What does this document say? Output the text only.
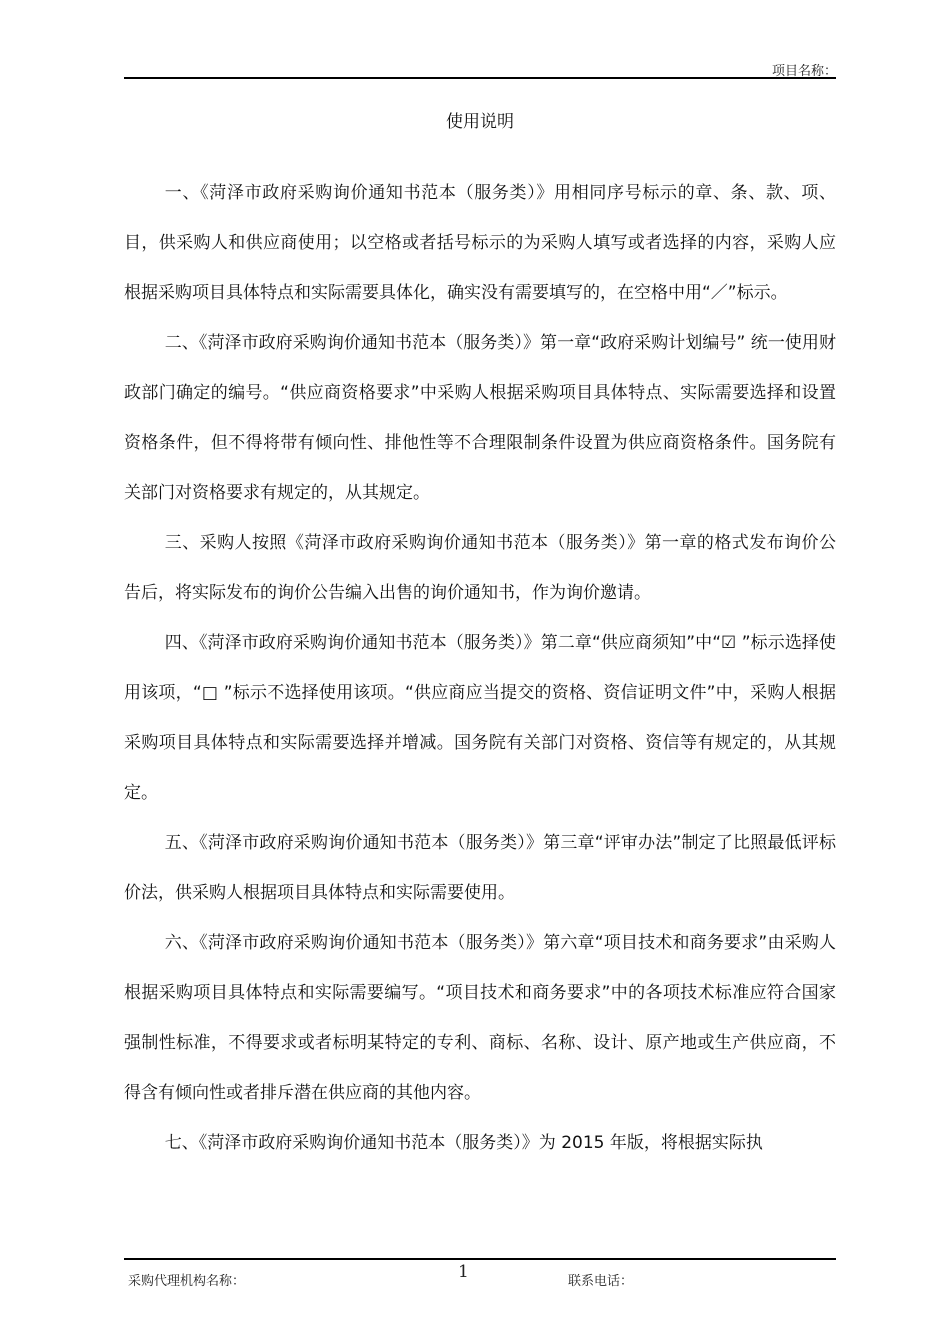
项目名称：
使用说明

一、《菏泽市政府采购询价通知书范本（服务类）》用相同序号标示的章、条、款、项、目，供采购人和供应商使用；以空格或者括号标示的为采购人填写或者选择的内容，采购人应根据采购项目具体特点和实际需要具体化，确实没有需要填写的，在空格中用“／”标示。

二、《菏泽市政府采购询价通知书范本（服务类）》第一章“政府采购计划编号” 统一使用财政部门确定的编号。“供应商资格要求”中采购人根据采购项目具体特点、实际需要选择和设置资格条件，但不得将带有倾向性、排他性等不合理限制条件设置为供应商资格条件。国务院有关部门对资格要求有规定的，从其规定。

三、采购人按照《菏泽市政府采购询价通知书范本（服务类）》第一章的格式发布询价公告后，将实际发布的询价公告编入出售的询价通知书，作为询价邀请。

四、《菏泽市政府采购询价通知书范本（服务类）》第二章“供应商须知”中“☑ ”标示选择使用该项，“□ ”标示不选择使用该项。“供应商应当提交的资格、资信证明文件”中，采购人根据采购项目具体特点和实际需要选择并增减。国务院有关部门对资格、资信等有规定的，从其规定。

五、《菏泽市政府采购询价通知书范本（服务类）》第三章“评审办法”制定了比照最低评标价法，供采购人根据项目具体特点和实际需要使用。

六、《菏泽市政府采购询价通知书范本（服务类）》第六章“项目技术和商务要求”由采购人根据采购项目具体特点和实际需要编写。“项目技术和商务要求”中的各项技术标准应符合国家强制性标准，不得要求或者标明某特定的专利、商标、名称、设计、原产地或生产供应商，不得含有倾向性或者排斥潜在供应商的其他内容。

七、《菏泽市政府采购询价通知书范本（服务类）》为 2015 年版，将根据实际执

采购代理机构名称：	1	联系电话：
